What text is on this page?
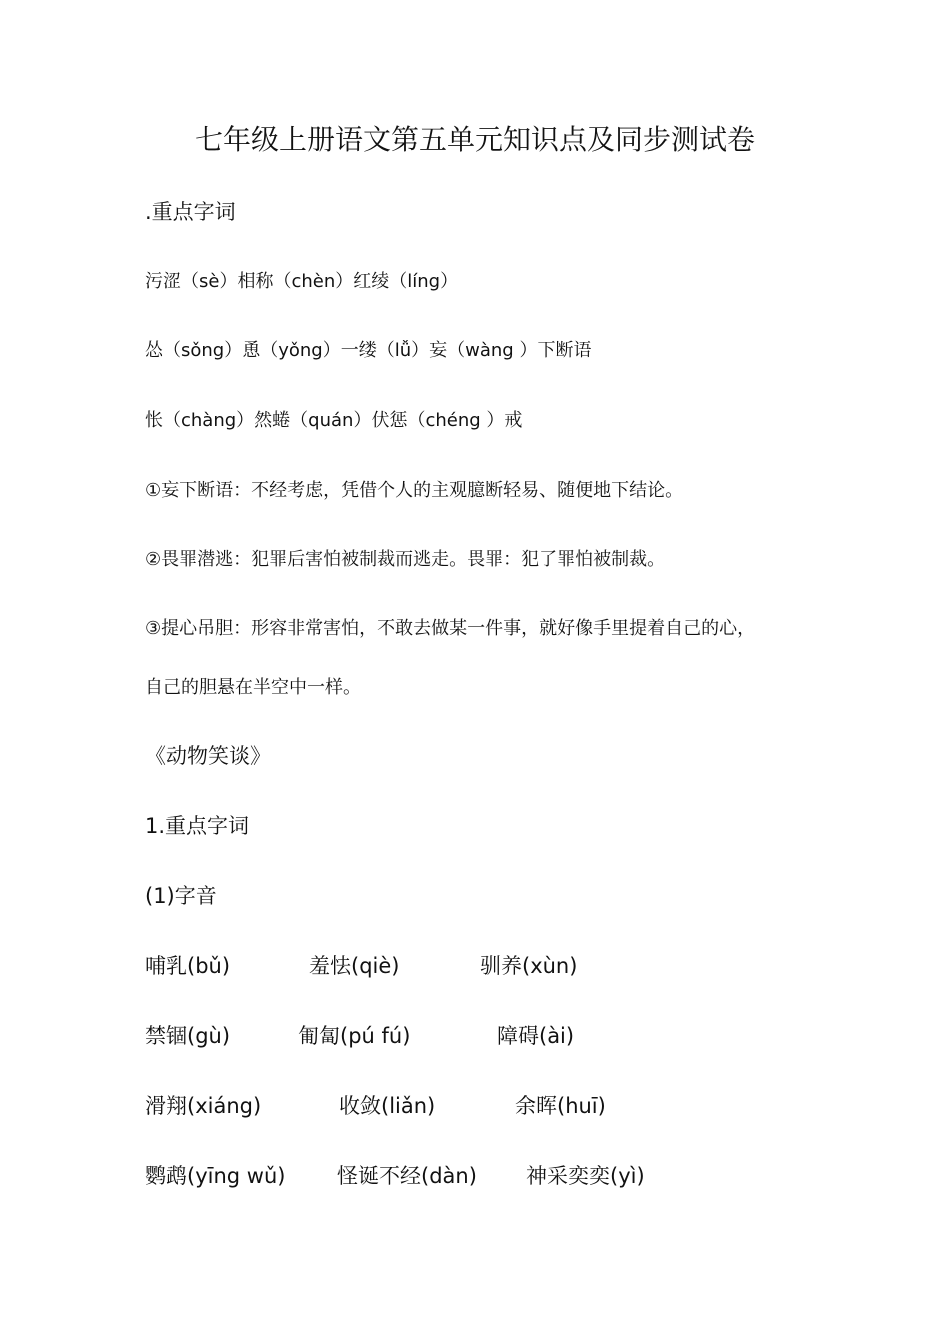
七年级上册语文第五单元知识点及同步测试卷
.重点字词
污涩（sè）相称（chèn）红绫（líng）
怂（sǒng）恿（yǒng）一缕（lǚ）妄（wàng ）下断语
怅（chàng）然蜷（quán）伏惩（chéng ）戒
①妄下断语：不经考虑，凭借个人的主观臆断轻易、随便地下结论。
②畏罪潜逃：犯罪后害怕被制裁而逃走。畏罪：犯了罪怕被制裁。
③提心吊胆：形容非常害怕，不敢去做某一件事，就好像手里提着自己的心，
自己的胆悬在半空中一样。
《动物笑谈》
1.重点字词
(1)字音
哺乳(bǔ)	羞怯(qiè)	驯养(xùn)
禁锢(gù)	匍匐(pú fú)	障碍(ài)
滑翔(xiáng)	收敛(liǎn)	余晖(huī)
鹦鹉(yīng wǔ) 怪诞不经(dàn) 神采奕奕(yì)
